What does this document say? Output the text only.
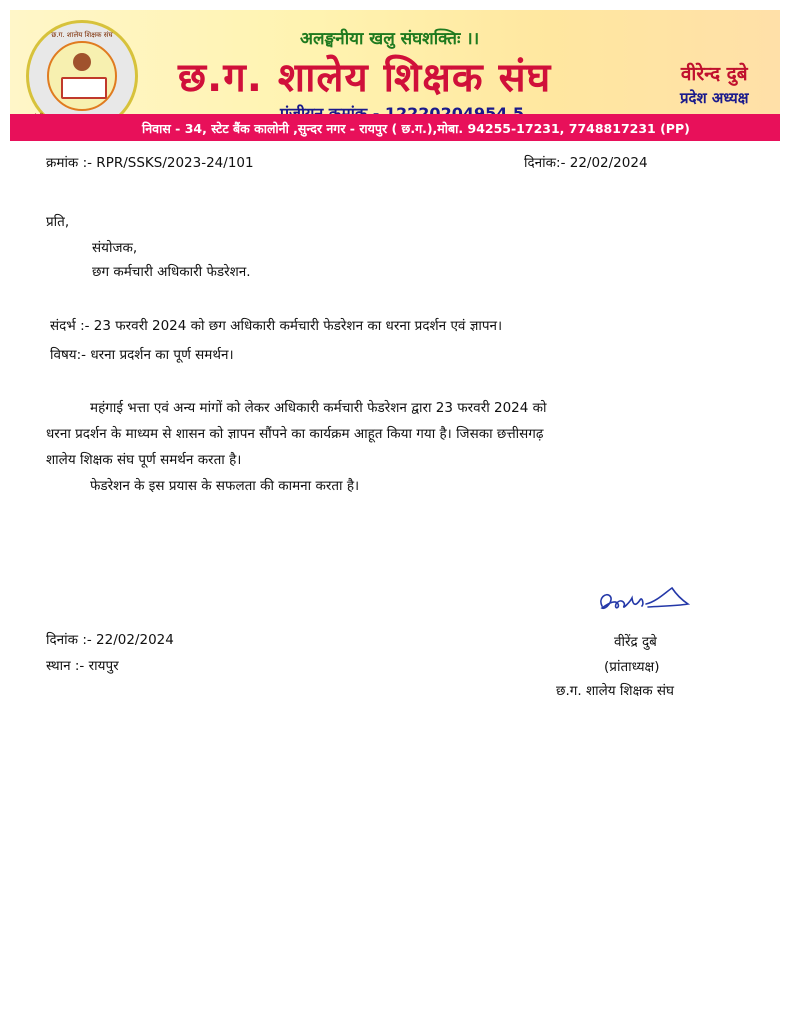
छ.ग. शालेय शिक्षक संघ	अलङ्घनीया खलु संघशक्तिः ।।
छ.ग. शालेय शिक्षक संघ	वीरेन्द दुबे
प्रदेश अध्यक्ष
निवास - 34, स्टेट बैंक कालोनी ,सुन्दर नगर - रायपुर ( छ.ग.),मोबा. 94255-17231, 7748817231 (PP)
क्रमांक :- RPR/SSKS/2023-24/101	दिनांक:- 22/02/2024
प्रति,
संयोजक,
छग कर्मचारी अधिकारी फेडरेशन.
संदर्भ :- 23 फरवरी 2024 को छग अधिकारी कर्मचारी फेडरेशन का धरना प्रदर्शन एवं ज्ञापन।
विषय:- धरना प्रदर्शन का पूर्ण समर्थन।
महंगाई भत्ता एवं अन्य मांगों को लेकर अधिकारी कर्मचारी फेडरेशन द्वारा 23 फरवरी 2024 को
धरना प्रदर्शन के माध्यम से शासन को ज्ञापन सौंपने का कार्यक्रम आहूत किया गया है। जिसका छत्तीसगढ़
शालेय शिक्षक संघ पूर्ण समर्थन करता है।
फेडरेशन के इस प्रयास के सफलता की कामना करता है।
दिनांक :- 22/02/2024
स्थान :- रायपुर
वीरेंद्र दुबे
(प्रांताध्यक्ष)
छ.ग. शालेय शिक्षक संघ
